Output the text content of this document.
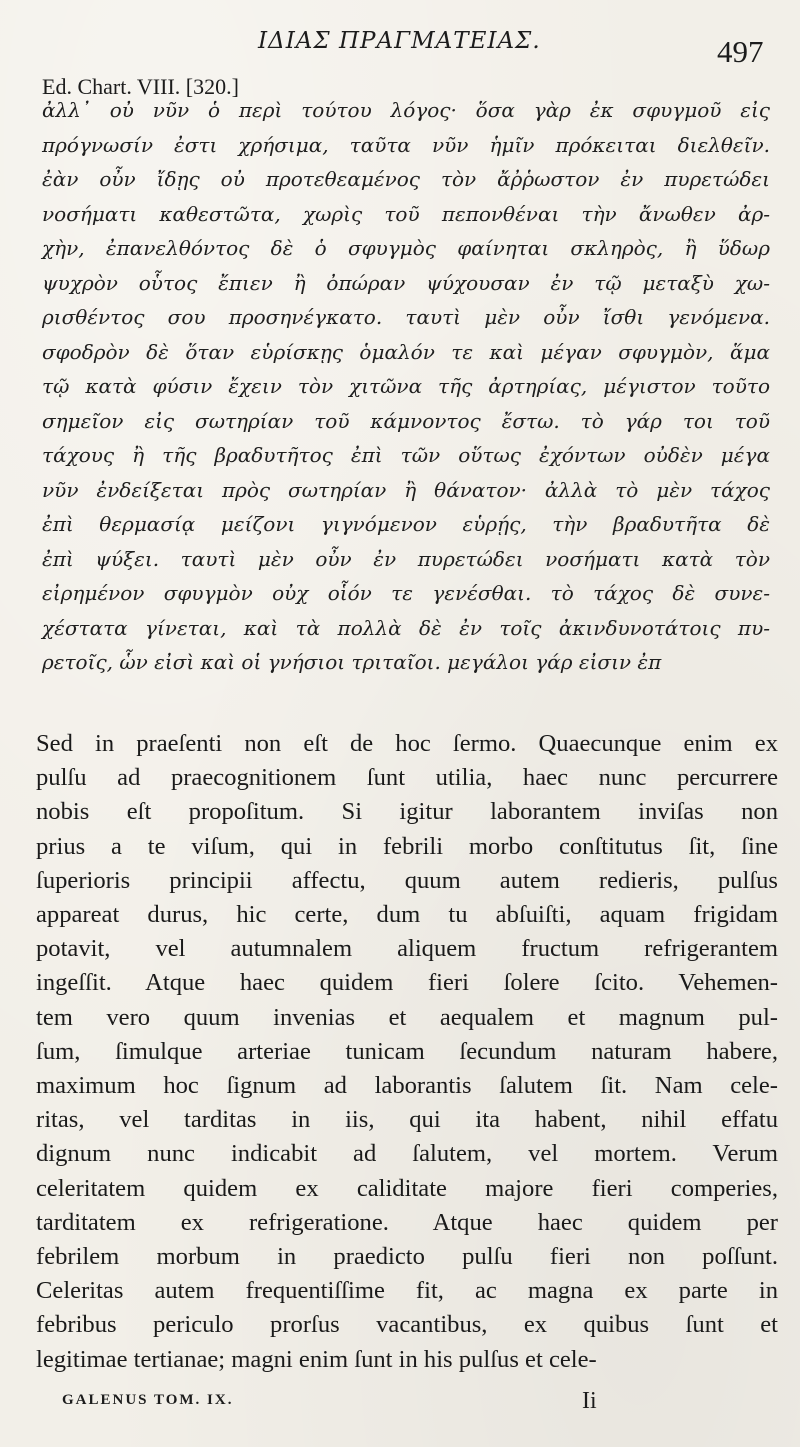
ΙΔΙΑΣ ΠΡΑΓΜΑΤΕΙΑΣ.	497
Ed. Chart. VIII. [320.]
ἀλλ᾽ οὐ νῦν ὁ περὶ τούτου λόγος· ὅσα γὰρ ἐκ σφυγμοῦ εἰς
πρόγνωσίν ἐστι χρήσιμα, ταῦτα νῦν ἡμῖν πρόκειται διελθεῖν.
ἐὰν οὖν ἴδῃς οὐ προτεθεαμένος τὸν ἄῤῥωστον ἐν πυρετώδει
νοσήματι καθεστῶτα, χωρὶς τοῦ πεπονθέναι τὴν ἄνωθεν ἀρ-
χὴν, ἐπανελθόντος δὲ ὁ σφυγμὸς φαίνηται σκληρὸς, ἢ ὕδωρ
ψυχρὸν οὗτος ἔπιεν ἢ ὀπώραν ψύχουσαν ἐν τῷ μεταξὺ χω-
ρισθέντος σου προσηνέγκατο. ταυτὶ μὲν οὖν ἴσθι γενόμενα.
σφοδρὸν δὲ ὅταν εὑρίσκῃς ὁμαλόν τε καὶ μέγαν σφυγμὸν, ἅμα
τῷ κατὰ φύσιν ἔχειν τὸν χιτῶνα τῆς ἀρτηρίας, μέγιστον τοῦτο
σημεῖον εἰς σωτηρίαν τοῦ κάμνοντος ἔστω. τὸ γάρ τοι τοῦ
τάχους ἢ τῆς βραδυτῆτος ἐπὶ τῶν οὕτως ἐχόντων οὐδὲν μέγα
νῦν ἐνδείξεται πρὸς σωτηρίαν ἢ θάνατον· ἀλλὰ τὸ μὲν τάχος
ἐπὶ θερμασίᾳ μείζονι γιγνόμενον εὑρῄς, τὴν βραδυτῆτα δὲ
ἐπὶ ψύξει. ταυτὶ μὲν οὖν ἐν πυρετώδει νοσήματι κατὰ τὸν
εἰρημένον σφυγμὸν οὐχ οἷόν τε γενέσθαι. τὸ τάχος δὲ συνε-
χέστατα γίνεται, καὶ τὰ πολλὰ δὲ ἐν τοῖς ἀκινδυνοτάτοις πυ-
ρετοῖς, ὧν εἰσὶ καὶ οἱ γνήσιοι τριταῖοι. μεγάλοι γάρ εἰσιν ἐπ
Sed in praeſenti non eſt de hoc ſermo. Quaecunque enim ex
pulſu ad praecognitionem ſunt utilia, haec nunc percurrere
nobis eſt propoſitum. Si igitur laborantem inviſas non
prius a te viſum, qui in febrili morbo conſtitutus ſit, ſine
ſuperioris principii affectu, quum autem redieris, pulſus
appareat durus, hic certe, dum tu abſuiſti, aquam frigidam
potavit, vel autumnalem aliquem fructum refrigerantem
ingeſſit. Atque haec quidem fieri ſolere ſcito. Vehemen-
tem vero quum invenias et aequalem et magnum pul-
ſum, ſimulque arteriae tunicam ſecundum naturam habere,
maximum hoc ſignum ad laborantis ſalutem ſit. Nam cele-
ritas, vel tarditas in iis, qui ita habent, nihil effatu
dignum nunc indicabit ad ſalutem, vel mortem. Verum
celeritatem quidem ex caliditate majore fieri comperies,
tarditatem ex refrigeratione. Atque haec quidem per
febrilem morbum in praedicto pulſu fieri non poſſunt.
Celeritas autem frequentiſſime fit, ac magna ex parte in
febribus periculo prorſus vacantibus, ex quibus ſunt et
legitimae tertianae; magni enim ſunt in his pulſus et cele-
GALENUS TOM. IX.	Ii
